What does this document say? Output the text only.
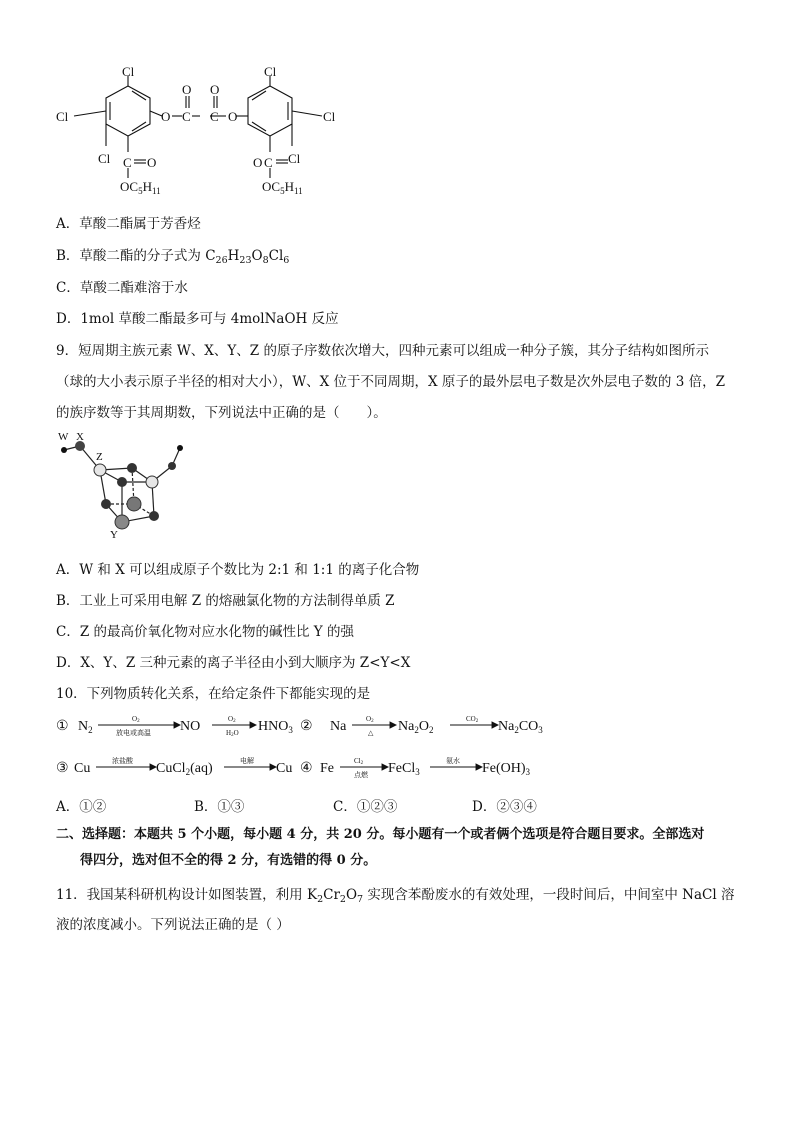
Cl
Cl
Cl C O
$OC_5H_{11}$
O C
O
C
O
O
Cl
Cl
Cl
C
O
$OC_5H_{11}$
A．草酸二酯属于芳香烃
B．草酸二酯的分子式为 $C_{26}H_{23}O_8Cl_6$
C．草酸二酯难溶于水
D．1mol 草酸二酯最多可与 4molNaOH 反应
9．短周期主族元素 W、X、Y、Z 的原子序数依次增大，四种元素可以组成一种分子簇，其分子结构如图所示
（球的大小表示原子半径的相对大小），W、X 位于不同周期，X 原子的最外层电子数是次外层电子数的 3 倍，Z
的族序数等于其周期数，下列说法中正确的是（　　）。
W X
Z
Y
A．W 和 X 可以组成原子个数比为 2:1 和 1:1 的离子化合物
B．工业上可采用电解 Z 的熔融氯化物的方法制得单质 Z
C．Z 的最高价氧化物对应水化物的碱性比 Y 的强
D．X、Y、Z 三种元素的离子半径由小到大顺序为 Z<Y<X
10．下列物质转化关系，在给定条件下都能实现的是
① $N_2$	NO	$HNO_3$ ② Na	$Na_2O_2$	$Na_2CO_3$
O2
放电或高温
O2
H2O
O2
△
CO2
③ Cu	CuCl$_2$(aq)	Cu ④ Fe	FeCl$_3$	$Fe(OH)_3$
浓盐酸	电解	Cl2
点燃
氨水
A．①②	B．①③	C．①②③	D．②③④
二、选择题：本题共 5 个小题，每小题 4 分，共 20 分。每小题有一个或者俩个选项是符合题目要求。全部选对
得四分，选对但不全的得 2 分，有选错的得 0 分。
11．我国某科研机构设计如图装置，利用 $K_2Cr_2O_7$ 实现含苯酚废水的有效处理，一段时间后，中间室中 NaCl 溶
液的浓度减小。下列说法正确的是（ ）
